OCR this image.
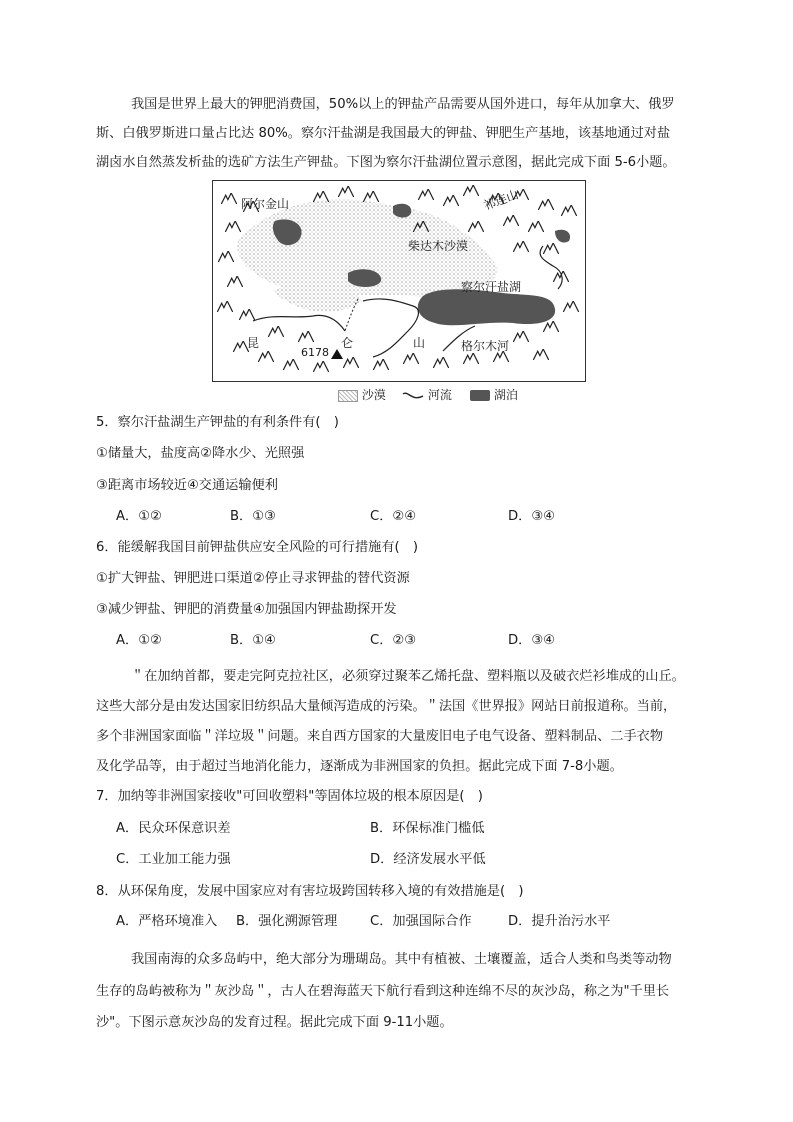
我国是世界上最大的钾肥消费国，50%以上的钾盐产品需要从国外进口，每年从加拿大、俄罗
斯、白俄罗斯进口量占比达 80%。察尔汗盐湖是我国最大的钾盐、钾肥生产基地，该基地通过对盐
湖卤水自然蒸发析盐的选矿方法生产钾盐。下图为察尔汗盐湖位置示意图，据此完成下面 5-6小题。
阿尔金山	祁连山
柴达木沙漠
察尔汗盐湖
昆
6178
仑	山	格尔木河
沙漠	河流	湖泊
5．察尔汗盐湖生产钾盐的有利条件有(　)
①储量大，盐度高②降水少、光照强
③距离市场较近④交通运输便利
A．①②	B．①③	C．②④	D．③④
6．能缓解我国目前钾盐供应安全风险的可行措施有(　)
①扩大钾盐、钾肥进口渠道②停止寻求钾盐的替代资源
③减少钾盐、钾肥的消费量④加强国内钾盐勘探开发
A．①②	B．①④	C．②③	D．③④
＂在加纳首都，要走完阿克拉社区，必须穿过聚苯乙烯托盘、塑料瓶以及破衣烂衫堆成的山丘。
这些大部分是由发达国家旧纺织品大量倾泻造成的污染。＂法国《世界报》网站日前报道称。当前，
多个非洲国家面临＂洋垃圾＂问题。来自西方国家的大量废旧电子电气设备、塑料制品、二手衣物
及化学品等，由于超过当地消化能力，逐渐成为非洲国家的负担。据此完成下面 7-8小题。
7．加纳等非洲国家接收"可回收塑料"等固体垃圾的根本原因是(　)
A．民众环保意识差	B．环保标准门槛低
C．工业加工能力强	D．经济发展水平低
8．从环保角度，发展中国家应对有害垃圾跨国转移入境的有效措施是(　)
A．严格环境准入 B．强化溯源管理 C．加强国际合作	D．提升治污水平
我国南海的众多岛屿中，绝大部分为珊瑚岛。其中有植被、土壤覆盖，适合人类和鸟类等动物
生存的岛屿被称为＂灰沙岛＂，古人在碧海蓝天下航行看到这种连绵不尽的灰沙岛，称之为"千里长
沙"。下图示意灰沙岛的发育过程。据此完成下面 9-11小题。
